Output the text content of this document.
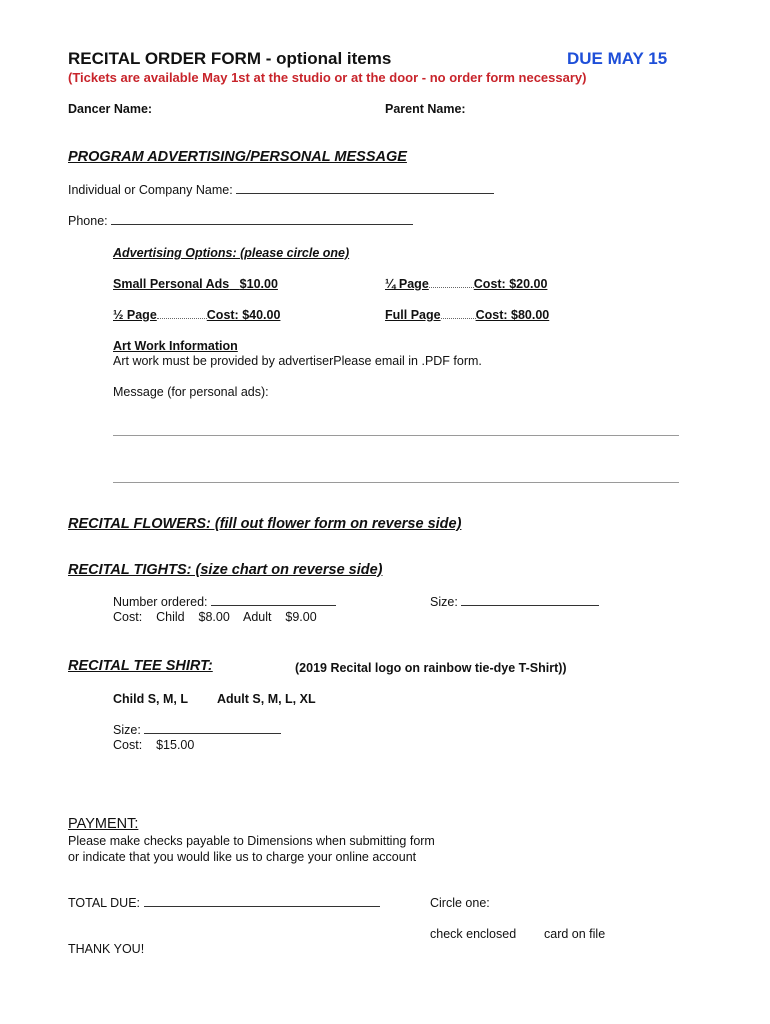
RECITAL ORDER FORM - optional items	DUE MAY 15
(Tickets are available May 1st at the studio or at the door - no order form necessary)
Dancer Name:	Parent Name:
PROGRAM ADVERTISING/PERSONAL MESSAGE
Individual or Company Name:
Phone:
Advertising Options: (please circle one)
Small Personal Ads $10.00	¼ Page	Cost: $20.00
½ Page	Cost: $40.00	Full Page	Cost: $80.00
Art Work Information
Art work must be provided by advertiserPlease email in .PDF form.
Message (for personal ads):
RECITAL FLOWERS: (fill out flower form on reverse side)
RECITAL TIGHTS: (size chart on reverse side)
Number ordered:	Size:
Cost: Child $8.00 Adult $9.00
RECITAL TEE SHIRT:	(2019 Recital logo on rainbow tie-dye T-Shirt))
Child S, M, L Adult S, M, L, XL
Size:
Cost: $15.00
PAYMENT:
Please make checks payable to Dimensions when submitting form
or indicate that you would like us to charge your online account
TOTAL DUE:	Circle one:
check enclosed card on file
THANK YOU!
